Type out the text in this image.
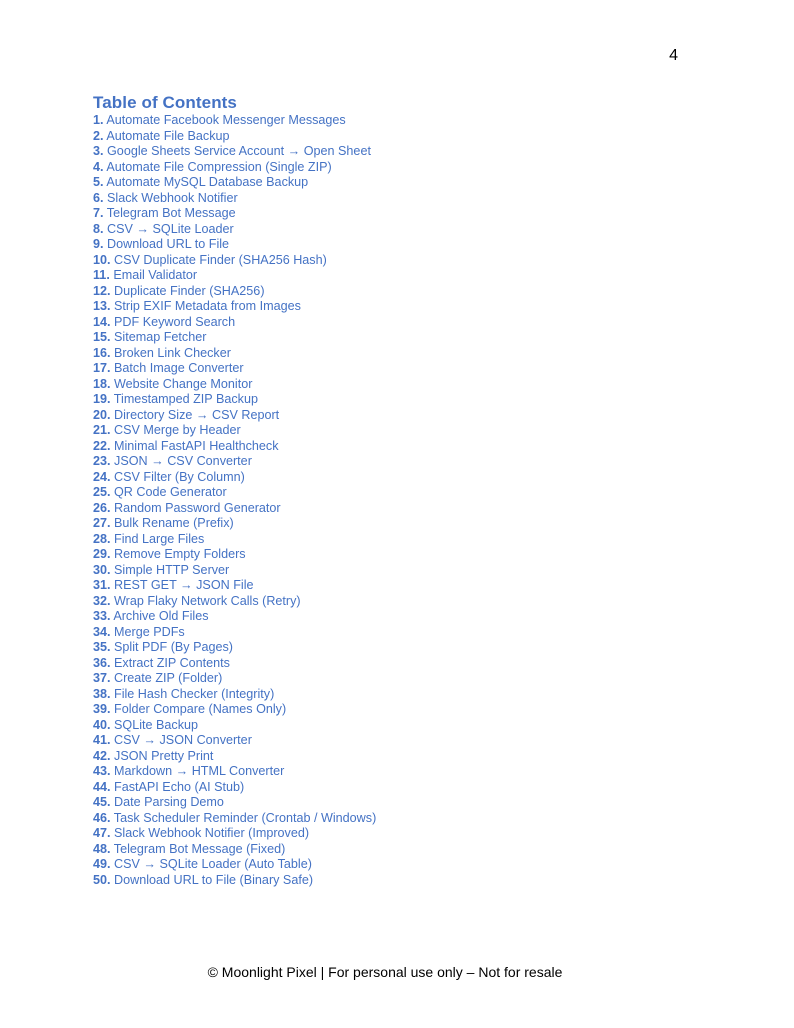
4
Table of Contents
1. Automate Facebook Messenger Messages
2. Automate File Backup
3. Google Sheets Service Account → Open Sheet
4. Automate File Compression (Single ZIP)
5. Automate MySQL Database Backup
6. Slack Webhook Notifier
7. Telegram Bot Message
8. CSV → SQLite Loader
9. Download URL to File
10. CSV Duplicate Finder (SHA256 Hash)
11. Email Validator
12. Duplicate Finder (SHA256)
13. Strip EXIF Metadata from Images
14. PDF Keyword Search
15. Sitemap Fetcher
16. Broken Link Checker
17. Batch Image Converter
18. Website Change Monitor
19. Timestamped ZIP Backup
20. Directory Size → CSV Report
21. CSV Merge by Header
22. Minimal FastAPI Healthcheck
23. JSON → CSV Converter
24. CSV Filter (By Column)
25. QR Code Generator
26. Random Password Generator
27. Bulk Rename (Prefix)
28. Find Large Files
29. Remove Empty Folders
30. Simple HTTP Server
31. REST GET → JSON File
32. Wrap Flaky Network Calls (Retry)
33. Archive Old Files
34. Merge PDFs
35. Split PDF (By Pages)
36. Extract ZIP Contents
37. Create ZIP (Folder)
38. File Hash Checker (Integrity)
39. Folder Compare (Names Only)
40. SQLite Backup
41. CSV → JSON Converter
42. JSON Pretty Print
43. Markdown → HTML Converter
44. FastAPI Echo (AI Stub)
45. Date Parsing Demo
46. Task Scheduler Reminder (Crontab / Windows)
47. Slack Webhook Notifier (Improved)
48. Telegram Bot Message (Fixed)
49. CSV → SQLite Loader (Auto Table)
50. Download URL to File (Binary Safe)
© Moonlight Pixel | For personal use only – Not for resale
